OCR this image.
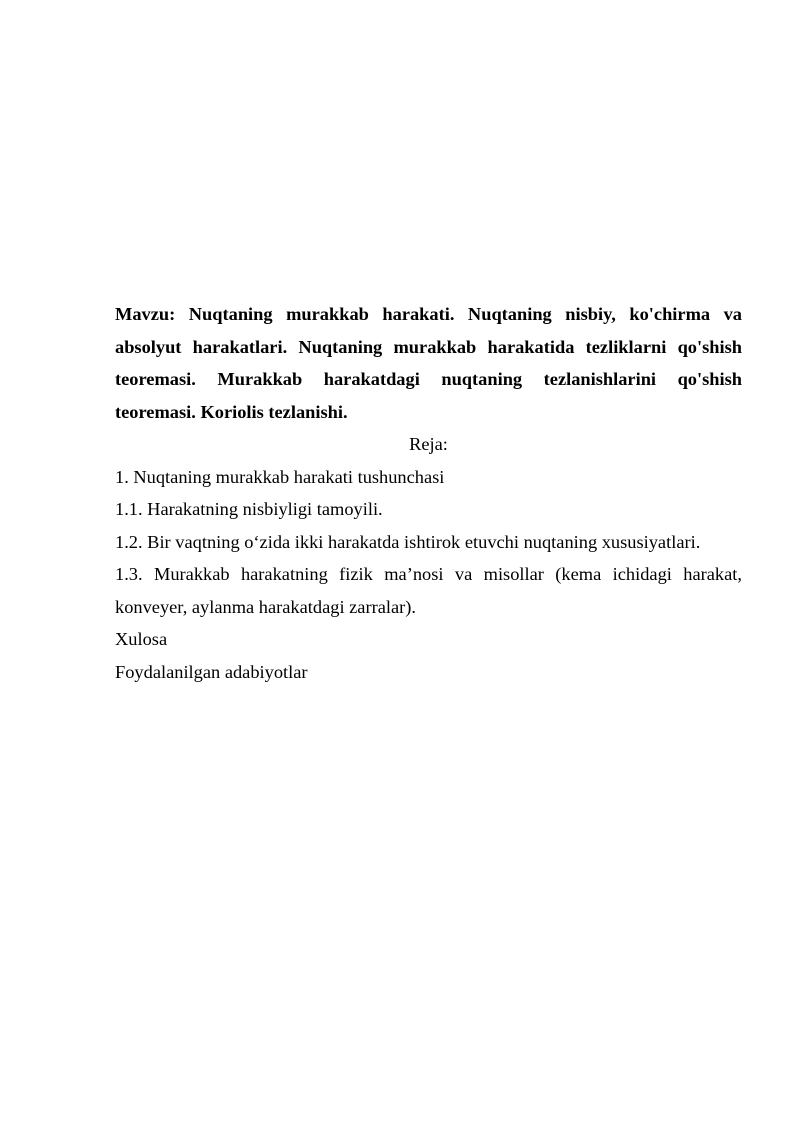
Mavzu: Nuqtaning murakkab harakati. Nuqtaning nisbiy, ko'chirma va absolyut harakatlari. Nuqtaning murakkab harakatida tezliklarni qo'shish teoremasi. Murakkab harakatdagi nuqtaning tezlanishlarini qo'shish teoremasi. Koriolis tezlanishi.

Reja:

1. Nuqtaning murakkab harakati tushunchasi

1.1. Harakatning nisbiyligi tamoyili.

1.2. Bir vaqtning o‘zida ikki harakatda ishtirok etuvchi nuqtaning xususiyatlari.

1.3. Murakkab harakatning fizik ma’nosi va misollar (kema ichidagi harakat, konveyer, aylanma harakatdagi zarralar).

Xulosa

Foydalanilgan adabiyotlar
